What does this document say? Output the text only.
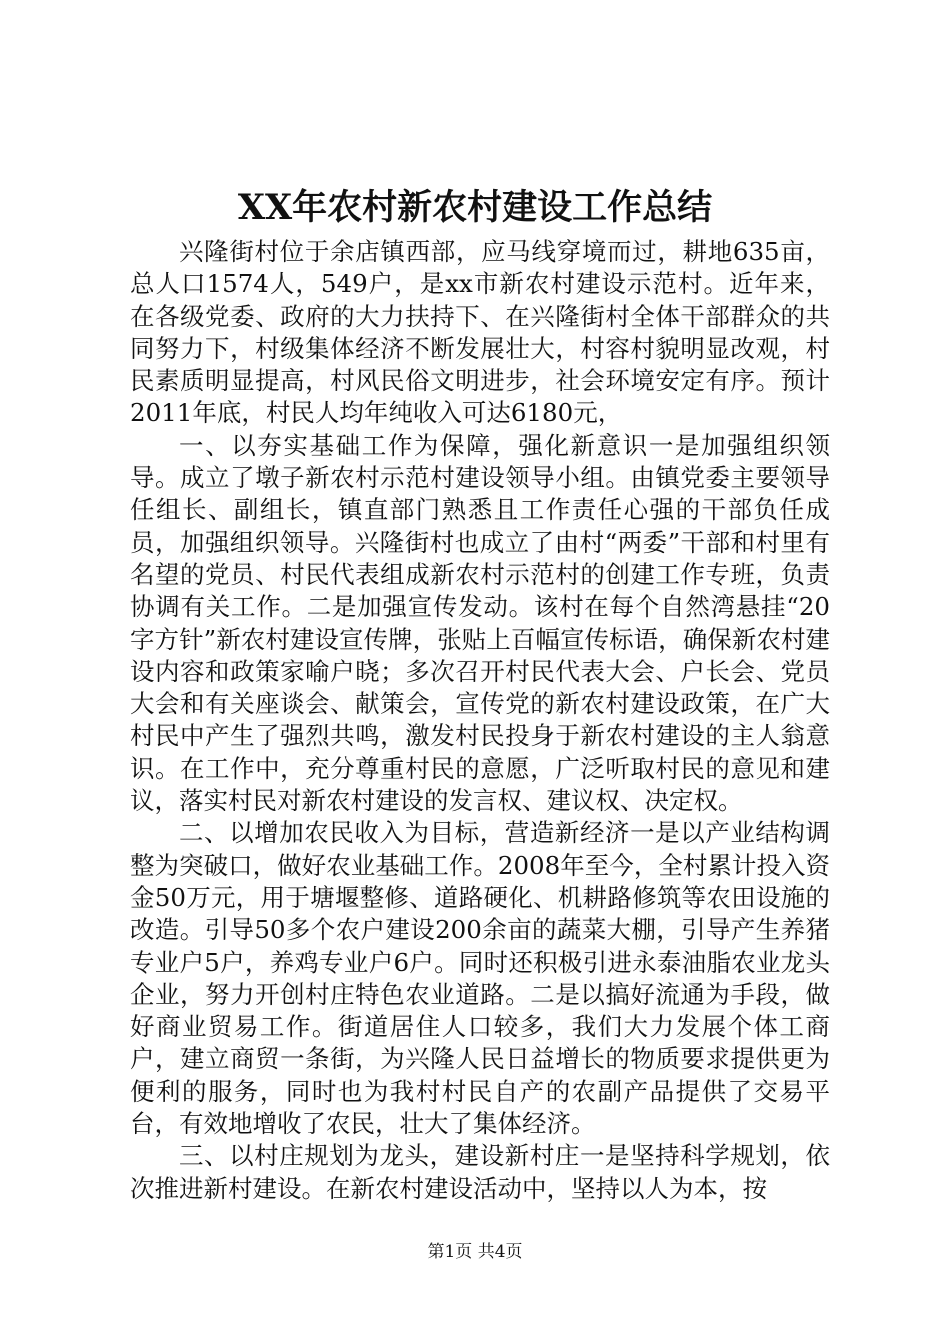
XX年农村新农村建设工作总结

兴隆街村位于余店镇西部，应马线穿境而过，耕地635亩，总人口1574人，549户，是xx市新农村建设示范村。近年来，在各级党委、政府的大力扶持下、在兴隆街村全体干部群众的共同努力下，村级集体经济不断发展壮大，村容村貌明显改观，村民素质明显提高，村风民俗文明进步，社会环境安定有序。预计2011年底，村民人均年纯收入可达6180元，

一、以夯实基础工作为保障，强化新意识一是加强组织领导。成立了墩子新农村示范村建设领导小组。由镇党委主要领导任组长、副组长，镇直部门熟悉且工作责任心强的干部负任成员，加强组织领导。兴隆街村也成立了由村“两委”干部和村里有名望的党员、村民代表组成新农村示范村的创建工作专班，负责协调有关工作。二是加强宣传发动。该村在每个自然湾悬挂“20字方针”新农村建设宣传牌，张贴上百幅宣传标语，确保新农村建设内容和政策家喻户晓；多次召开村民代表大会、户长会、党员大会和有关座谈会、献策会，宣传党的新农村建设政策，在广大村民中产生了强烈共鸣，激发村民投身于新农村建设的主人翁意识。在工作中，充分尊重村民的意愿，广泛听取村民的意见和建议，落实村民对新农村建设的发言权、建议权、决定权。

二、以增加农民收入为目标，营造新经济一是以产业结构调整为突破口，做好农业基础工作。2008年至今，全村累计投入资金50万元，用于塘堰整修、道路硬化、机耕路修筑等农田设施的改造。引导50多个农户建设200余亩的蔬菜大棚，引导产生养猪专业户5户，养鸡专业户6户。同时还积极引进永泰油脂农业龙头企业，努力开创村庄特色农业道路。二是以搞好流通为手段，做好商业贸易工作。街道居住人口较多，我们大力发展个体工商户，建立商贸一条街，为兴隆人民日益增长的物质要求提供更为便利的服务，同时也为我村村民自产的农副产品提供了交易平台，有效地增收了农民，壮大了集体经济。

三、以村庄规划为龙头，建设新村庄一是坚持科学规划，依次推进新村建设。在新农村建设活动中，坚持以人为本，按

第1页 共4页
